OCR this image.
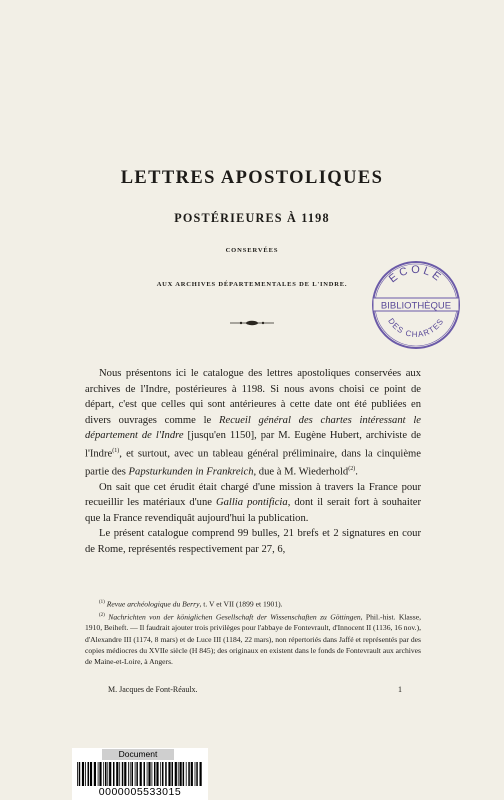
LETTRES APOSTOLIQUES
POSTÉRIEURES À 1198
CONSERVÉES
AUX ARCHIVES DÉPARTEMENTALES DE L'INDRE.	ÉCOLE
BIBLIOTHÈQUE
DES CHARTES

Nous présentons ici le catalogue des lettres apostoliques conservées aux archives de l'Indre, postérieures à 1198. Si nous avons choisi ce point de départ, c'est que celles qui sont antérieures à cette date ont été publiées en divers ouvrages comme le Recueil général des chartes intéressant le département de l'Indre [jusqu'en 1150], par M. Eugène Hubert, archiviste de l'Indre$^{(1)}$, et surtout, avec un tableau général préliminaire, dans la cinquième partie des Papsturkunden in Frankreich, due à M. Wiederhold$^{(2)}$.

On sait que cet érudit était chargé d'une mission à travers la France pour recueillir les matériaux d'une Gallia pontificia, dont il serait fort à souhaiter que la France revendiquât aujourd'hui la publication.

Le présent catalogue comprend 99 bulles, 21 brefs et 2 signatures en cour de Rome, représentés respectivement par 27, 6,

$^{(1)}$ Revue archéologique du Berry, t. V et VII (1899 et 1901).

$^{(2)}$ Nachrichten von der königlichen Gesellschaft der Wissenschaften zu Göttingen, Phil.-hist. Klasse, 1910, Beiheft. — Il faudrait ajouter trois privilèges pour l'abbaye de Fontevrault, d'Innocent II (1136, 16 nov.), d'Alexandre III (1174, 8 mars) et de Luce III (1184, 22 mars), non répertoriés dans Jaffé et représentés par des copies médiocres du XVIIe siècle (H 845); des originaux en existent dans le fonds de Fontevrault aux archives de Maine-et-Loire, à Angers.

M. Jacques de Font-Réaulx.	1
Document
0000005533015
